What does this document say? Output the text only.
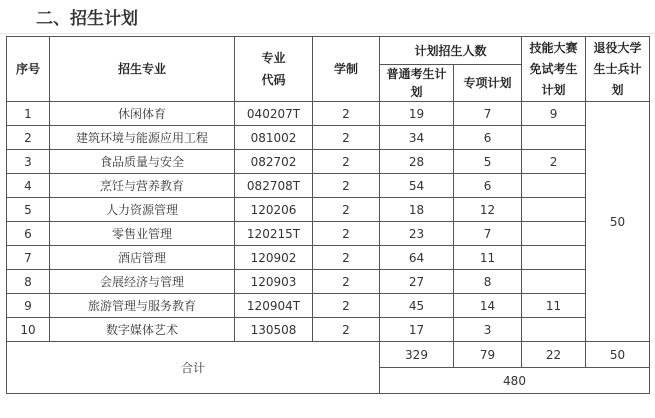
二、招生计划
序号	招生专业	专业代码	学制	计划招生人数		技能大赛免试考生计划	退役大学生士兵计划

				普通考生计划	专项计划		
1	休闲体育	040207T	2	19	7	9	50
2	建筑环境与能源应用工程	081002	2	34	6		
3	食品质量与安全	082702	2	28	5	2	
4	烹饪与营养教育	082708T	2	54	6		
5	人力资源管理	120206	2	18	12		
6	零售业管理	120215T	2	23	7		
7	酒店管理	120902	2	64	11		
8	会展经济与管理	120903	2	27	8		
9	旅游管理与服务教育	120904T	2	45	14	11	
10	数字媒体艺术	130508	2	17	3		
合计				329	79	22	50
				480			
